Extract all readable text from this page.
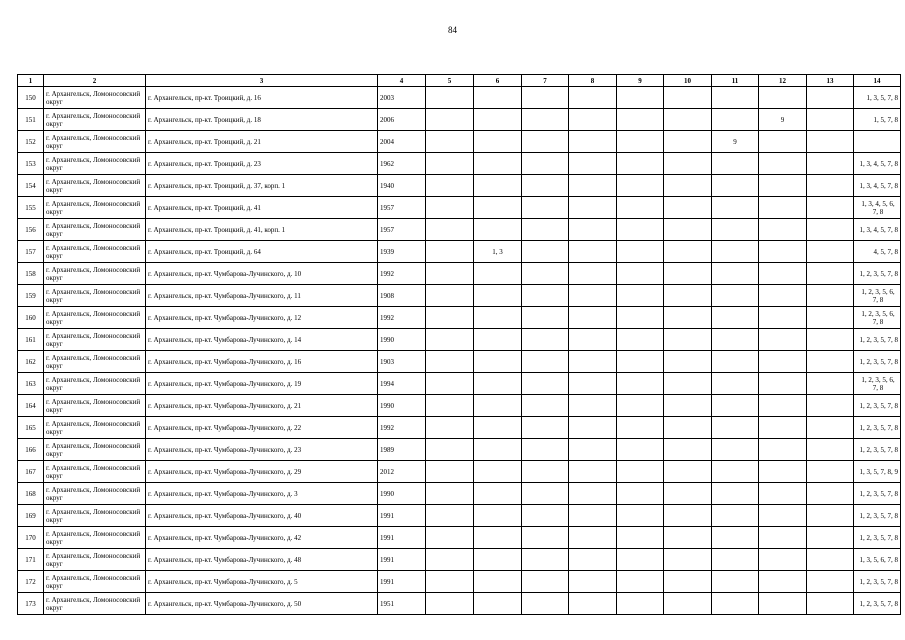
84
1	2	3	4	5	6	7	8	9	10	11	12	13	14
150	г. Архангельск, Ломоносовский округ	г. Архангельск, пр-кт. Троицкий, д. 16	2003										1, 3, 5, 7, 8
151	г. Архангельск, Ломоносовский округ	г. Архангельск, пр-кт. Троицкий, д. 18	2006								9		1, 5, 7, 8
152	г. Архангельск, Ломоносовский округ	г. Архангельск, пр-кт. Троицкий, д. 21	2004							9			
153	г. Архангельск, Ломоносовский округ	г. Архангельск, пр-кт. Троицкий, д. 23	1962										1, 3, 4, 5, 7, 8
154	г. Архангельск, Ломоносовский округ	г. Архангельск, пр-кт. Троицкий, д. 37, корп. 1	1940										1, 3, 4, 5, 7, 8
155	г. Архангельск, Ломоносовский округ	г. Архангельск, пр-кт. Троицкий, д. 41	1957										1, 3, 4, 5, 6, 7, 8
156	г. Архангельск, Ломоносовский округ	г. Архангельск, пр-кт. Троицкий, д. 41, корп. 1	1957										1, 3, 4, 5, 7, 8
157	г. Архангельск, Ломоносовский округ	г. Архангельск, пр-кт. Троицкий, д. 64	1939		1, 3								4, 5, 7, 8
158	г. Архангельск, Ломоносовский округ	г. Архангельск, пр-кт. Чумбарова-Лучинского, д. 10	1992										1, 2, 3, 5, 7, 8
159	г. Архангельск, Ломоносовский округ	г. Архангельск, пр-кт. Чумбарова-Лучинского, д. 11	1908										1, 2, 3, 5, 6, 7, 8
160	г. Архангельск, Ломоносовский округ	г. Архангельск, пр-кт. Чумбарова-Лучинского, д. 12	1992										1, 2, 3, 5, 6, 7, 8
161	г. Архангельск, Ломоносовский округ	г. Архангельск, пр-кт. Чумбарова-Лучинского, д. 14	1990										1, 2, 3, 5, 7, 8
162	г. Архангельск, Ломоносовский округ	г. Архангельск, пр-кт. Чумбарова-Лучинского, д. 16	1903										1, 2, 3, 5, 7, 8
163	г. Архангельск, Ломоносовский округ	г. Архангельск, пр-кт. Чумбарова-Лучинского, д. 19	1994										1, 2, 3, 5, 6, 7, 8
164	г. Архангельск, Ломоносовский округ	г. Архангельск, пр-кт. Чумбарова-Лучинского, д. 21	1990										1, 2, 3, 5, 7, 8
165	г. Архангельск, Ломоносовский округ	г. Архангельск, пр-кт. Чумбарова-Лучинского, д. 22	1992										1, 2, 3, 5, 7, 8
166	г. Архангельск, Ломоносовский округ	г. Архангельск, пр-кт. Чумбарова-Лучинского, д. 23	1989										1, 2, 3, 5, 7, 8
167	г. Архангельск, Ломоносовский округ	г. Архангельск, пр-кт. Чумбарова-Лучинского, д. 29	2012										1, 3, 5, 7, 8, 9
168	г. Архангельск, Ломоносовский округ	г. Архангельск, пр-кт. Чумбарова-Лучинского, д. 3	1990										1, 2, 3, 5, 7, 8
169	г. Архангельск, Ломоносовский округ	г. Архангельск, пр-кт. Чумбарова-Лучинского, д. 40	1991										1, 2, 3, 5, 7, 8
170	г. Архангельск, Ломоносовский округ	г. Архангельск, пр-кт. Чумбарова-Лучинского, д. 42	1991										1, 2, 3, 5, 7, 8
171	г. Архангельск, Ломоносовский округ	г. Архангельск, пр-кт. Чумбарова-Лучинского, д. 48	1991										1, 3, 5, 6, 7, 8
172	г. Архангельск, Ломоносовский округ	г. Архангельск, пр-кт. Чумбарова-Лучинского, д. 5	1991										1, 2, 3, 5, 7, 8
173	г. Архангельск, Ломоносовский округ	г. Архангельск, пр-кт. Чумбарова-Лучинского, д. 50	1951										1, 2, 3, 5, 7, 8
